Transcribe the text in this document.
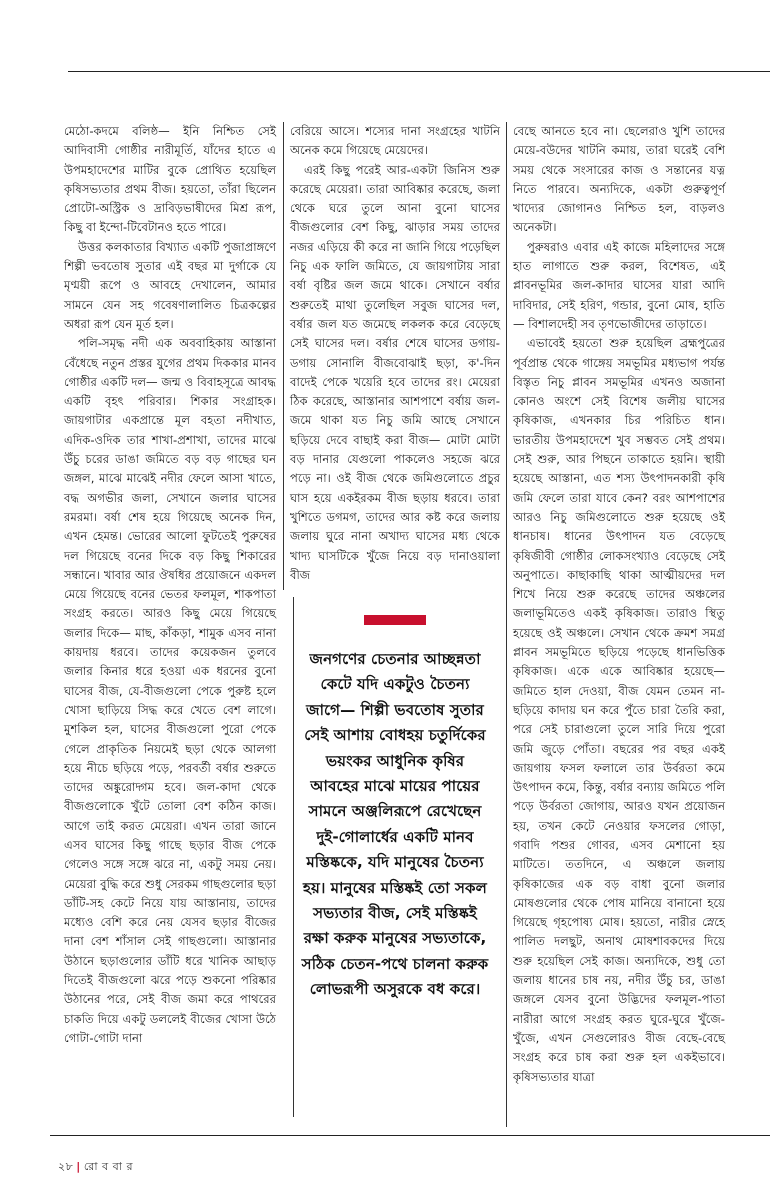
মেঠো-কদমে বলিষ্ঠ— ইনি নিশ্চিত সেই আদিবাসী গোষ্ঠীর নারীমূর্তি, যাঁদের হাতে এ উপমহাদেশের মাটির বুকে প্রোথিত হয়েছিল কৃষিসভ্যতার প্রথম বীজ। হয়তো, তাঁরা ছিলেন প্রোটো-অস্ট্রিক ও দ্রাবিড়ভাষীদের মিশ্র রূপ, কিছু বা ইন্দো-টিবেটানও হতে পারে।

উত্তর কলকাতার বিখ্যাত একটি পুজাপ্রাঙ্গণে শিল্পী ভবতোষ সুতার এই বছর মা দুর্গাকে যে মৃণ্ময়ী রূপে ও আবহে দেখালেন, আমার সামনে যেন সহ গবেষণালালিত চিত্রকল্পের অধরা রূপ যেন মূর্ত হল।

পলি-সমৃদ্ধ নদী এক অববাহিকায় আস্তানা বেঁধেছে নতুন প্রস্তর যুগের প্রথম দিককার মানব গোষ্ঠীর একটি দল— জন্ম ও বিবাহসূত্রে আবদ্ধ একটি বৃহৎ পরিবার। শিকার সংগ্রাহক। জায়গাটার একপ্রান্তে মূল বহতা নদীখাত, এদিক-ওদিক তার শাখা-প্রশাখা, তাদের মাঝে উঁচু চরের ডাঙা জমিতে বড় বড় গাছের ঘন জঙ্গল, মাঝে মাঝেই নদীর ফেলে আসা খাতে, বদ্ধ অগভীর জলা, সেখানে জলার ঘাসের রমরমা। বর্ষা শেষ হয়ে গিয়েছে অনেক দিন, এখন হেমন্ত। ভোরের আলো ফুটতেই পুরুষের দল গিয়েছে বনের দিকে বড় কিছু শিকারের সন্ধানে। খাবার আর ঔষধির প্রয়োজনে একদল মেয়ে গিয়েছে বনের ভেতর ফলমূল, শাকপাতা সংগ্রহ করতে। আরও কিছু মেয়ে গিয়েছে জলার দিকে— মাছ, কাঁকড়া, শামুক এসব নানা কায়দায় ধরবে। তাদের কয়েকজন তুলবে জলার কিনার ধরে হওয়া এক ধরনের বুনো ঘাসের বীজ, যে-বীজগুলো পেকে পুরুষ্ট হলে খোসা ছাড়িয়ে সিদ্ধ করে খেতে বেশ লাগে। মুশকিল হল, ঘাসের বীজগুলো পুরো পেকে গেলে প্রাকৃতিক নিয়মেই ছড়া থেকে আলগা হয়ে নীচে ছড়িয়ে পড়ে, পরবর্তী বর্ষার শুরুতে তাদের অঙ্কুরোদ্গম হবে। জল-কাদা থেকে বীজগুলোকে খুঁটে তোলা বেশ কঠিন কাজ। আগে তাই করত মেয়েরা। এখন তারা জানে এসব ঘাসের কিছু গাছে ছড়ার বীজ পেকে গেলেও সঙ্গে সঙ্গে ঝরে না, একটু সময় নেয়। মেয়েরা বুদ্ধি করে শুধু সেরকম গাছগুলোর ছড়া ডাঁটি-সহ কেটে নিয়ে যায় আস্তানায়, তাদের মধ্যেও বেশি করে নেয় যেসব ছড়ার বীজের দানা বেশ শাঁসাল সেই গাছগুলো। আস্তানার উঠানে ছড়াগুলোর ডাঁটি ধরে খানিক আছাড় দিতেই বীজগুলো ঝরে পড়ে শুকনো পরিষ্কার উঠানের পরে, সেই বীজ জমা করে পাথরের চাকতি দিয়ে একটু ডললেই বীজের খোসা উঠে গোটা-গোটা দানা

বেরিয়ে আসে। শস্যের দানা সংগ্রহের খাটনি অনেক কমে গিয়েছে মেয়েদের।

এরই কিছু পরেই আর-একটা জিনিস শুরু করেছে মেয়েরা। তারা আবিষ্কার করেছে, জলা থেকে ঘরে তুলে আনা বুনো ঘাসের বীজগুলোর বেশ কিছু, ঝাড়ার সময় তাদের নজর এড়িয়ে কী করে না জানি গিয়ে পড়েছিল নিচু এক ফালি জমিতে, যে জায়গাটায় সারা বর্ষা বৃষ্টির জল জমে থাকে। সেখানে বর্ষার শুরুতেই মাথা তুলেছিল সবুজ ঘাসের দল, বর্ষার জল যত জমেছে লকলক করে বেড়েছে সেই ঘাসের দল। বর্ষার শেষে ঘাসের ডগায়-ডগায় সোনালি বীজবোঝাই ছড়া, ক'-দিন বাদেই পেকে খয়েরি হবে তাদের রং। মেয়েরা ঠিক করেছে, আস্তানার আশপাশে বর্ষায় জল-জমে থাকা যত নিচু জমি আছে সেখানে ছড়িয়ে দেবে বাছাই করা বীজ— মোটা মোটা বড় দানার যেগুলো পাকলেও সহজে ঝরে পড়ে না। ওই বীজ থেকে জমিগুলোতে প্রচুর ঘাস হয়ে একইরকম বীজ ছড়ায় ধরবে। তারা খুশিতে ডগমগ, তাদের আর কষ্ট করে জলায় জলায় ঘুরে নানা অখাদ্য ঘাসের মধ্য থেকে খাদ্য ঘাসটিকে খুঁজে নিয়ে বড় দানাওয়ালা বীজ

জনগণের চেতনার আচ্ছন্নতা কেটে যদি একটুও চৈতন্য জাগে— শিল্পী ভবতোষ সুতার সেই আশায় বোধহয় চতুর্দিকের ভয়ংকর আধুনিক কৃষির আবহের মাঝে মায়ের পায়ের সামনে অঞ্জলিরূপে রেখেছেন দুই-গোলার্ধের একটি মানব মস্তিষ্ককে, যদি মানুষের চৈতন্য হয়। মানুষের মস্তিষ্কই তো সকল সভ্যতার বীজ, সেই মস্তিষ্কই রক্ষা করুক মানুষের সভ্যতাকে, সঠিক চেতন-পথে চালনা করুক লোভরূপী অসুরকে বধ করে।

বেছে আনতে হবে না। ছেলেরাও খুশি তাদের মেয়ে-বউদের খাটনি কমায়, তারা ঘরেই বেশি সময় থেকে সংসারের কাজ ও সন্তানের যত্ন নিতে পারবে। অন্যদিকে, একটা গুরুত্বপূর্ণ খাদ্যের জোগানও নিশ্চিত হল, বাড়লও অনেকটা।

পুরুষরাও এবার এই কাজে মহিলাদের সঙ্গে হাত লাগাতে শুরু করল, বিশেষত, এই প্লাবনভূমির জল-কাদার ঘাসের যারা আদি দাবিদার, সেই হরিণ, গন্ডার, বুনো মোষ, হাতি— বিশালদেহী সব তৃণভোজীদের তাড়াতে।

এভাবেই হয়তো শুরু হয়েছিল ব্রহ্মপুত্রের পূর্বপ্রান্ত থেকে গাঙ্গেয় সমভূমির মধ্যভাগ পর্যন্ত বিস্তৃত নিচু প্লাবন সমভূমির এখনও অজানা কোনও অংশে সেই বিশেষ জলীয় ঘাসের কৃষিকাজ, এখনকার চির পরিচিত ধান। ভারতীয় উপমহাদেশে খুব সম্ভবত সেই প্রথম। সেই শুরু, আর পিছনে তাকাতে হয়নি। স্থায়ী হয়েছে আস্তানা, এত শস্য উৎপাদনকারী কৃষি জমি ফেলে তারা যাবে কেন? বরং আশপাশের আরও নিচু জমিগুলোতে শুরু হয়েছে ওই ধানচাষ। ধানের উৎপাদন যত বেড়েছে কৃষিজীবী গোষ্ঠীর লোকসংখ্যাও বেড়েছে সেই অনুপাতে। কাছাকাছি থাকা আত্মীয়দের দল শিখে নিয়ে শুরু করেছে তাদের অঞ্চলের জলাভূমিতেও একই কৃষিকাজ। তারাও স্থিতু হয়েছে ওই অঞ্চলে। সেখান থেকে ক্রমশ সমগ্র প্লাবন সমভূমিতে ছড়িয়ে পড়েছে ধানভিত্তিক কৃষিকাজ। একে একে আবিষ্কার হয়েছে— জমিতে হাল দেওয়া, বীজ যেমন তেমন না-ছড়িয়ে কাদায় ঘন করে পুঁতে চারা তৈরি করা, পরে সেই চারাগুলো তুলে সারি দিয়ে পুরো জমি জুড়ে পোঁতা। বছরের পর বছর একই জায়গায় ফসল ফলালে তার উর্বরতা কমে উৎপাদন কমে, কিন্তু, বর্ষার বন্যায় জমিতে পলি পড়ে উর্বরতা জোগায়, আরও যখন প্রয়োজন হয়, তখন কেটে নেওয়ার ফসলের গোড়া, গবাদি পশুর গোবর, এসব মেশানো হয় মাটিতে। ততদিনে, এ অঞ্চলে জলায় কৃষিকাজের এক বড় বাধা বুনো জলার মোষগুলোর থেকে পোষ মানিয়ে বানানো হয়ে গিয়েছে গৃহপোষ্য মোষ। হয়তো, নারীর স্নেহে পালিত দলছুট, অনাথ মোষশাবকদের দিয়ে শুরু হয়েছিল সেই কাজ। অন্যদিকে, শুধু তো জলায় ধানের চাষ নয়, নদীর উঁচু চর, ডাঙা জঙ্গলে যেসব বুনো উদ্ভিদের ফলমূল-পাতা নারীরা আগে সংগ্রহ করত ঘুরে-ঘুরে খুঁজে-খুঁজে, এখন সেগুলোরও বীজ বেছে-বেছে সংগ্রহ করে চাষ করা শুরু হল একইভাবে। কৃষিসভ্যতার যাত্রা

২৮ | রো ব বা র
